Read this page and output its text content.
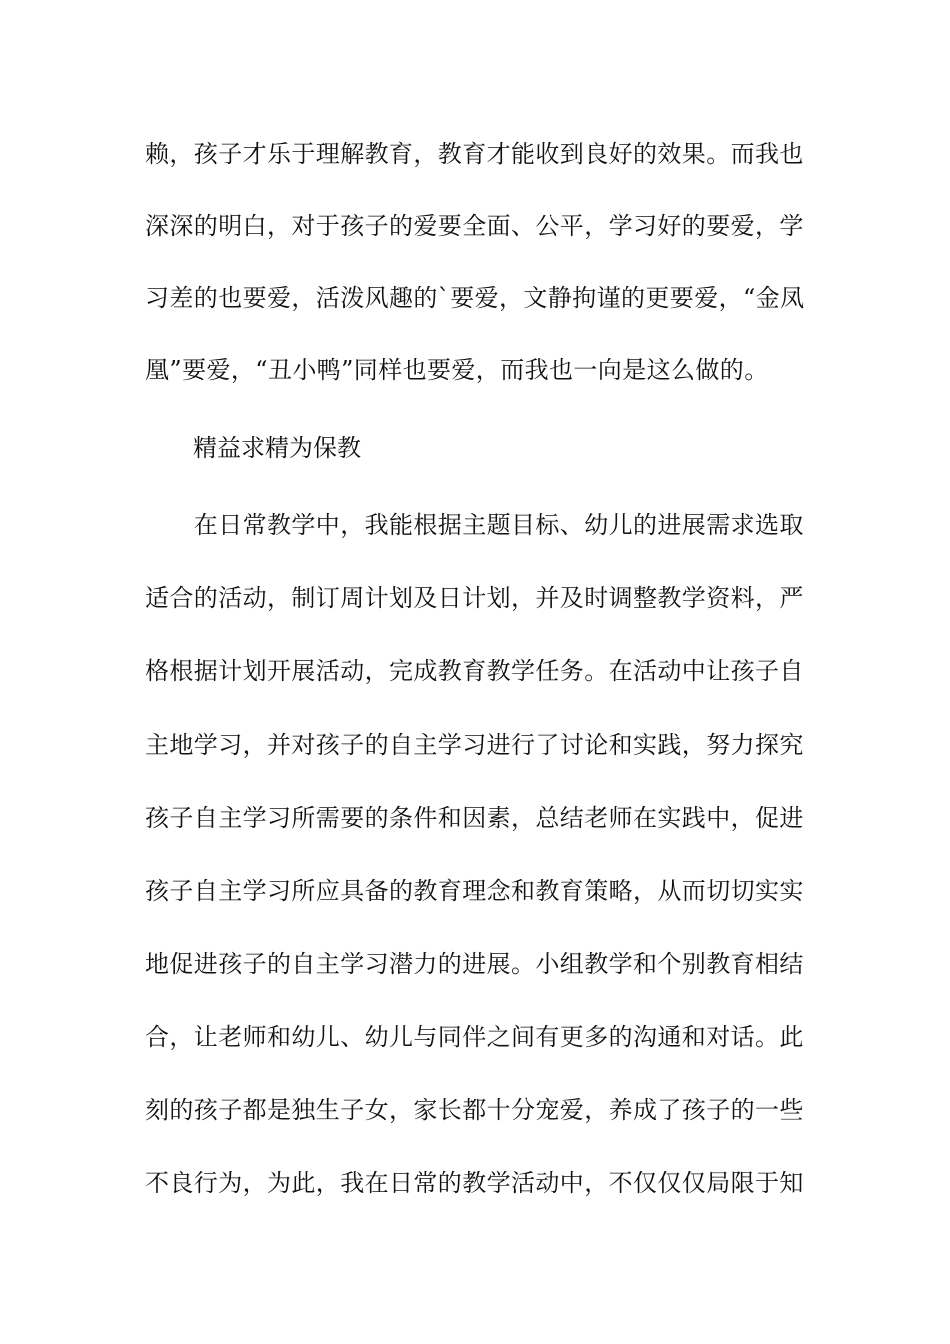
赖，孩子才乐于理解教育，教育才能收到良好的效果。而我也
深深的明白，对于孩子的爱要全面、公平，学习好的要爱，学
习差的也要爱，活泼风趣的`要爱，文静拘谨的更要爱，“金凤
凰”要爱，“丑小鸭”同样也要爱，而我也一向是这么做的。
精益求精为保教
　　在日常教学中，我能根据主题目标、幼儿的进展需求选取
适合的活动，制订周计划及日计划，并及时调整教学资料，严
格根据计划开展活动，完成教育教学任务。在活动中让孩子自
主地学习，并对孩子的自主学习进行了讨论和实践，努力探究
孩子自主学习所需要的条件和因素，总结老师在实践中，促进
孩子自主学习所应具备的教育理念和教育策略，从而切切实实
地促进孩子的自主学习潜力的进展。小组教学和个别教育相结
合，让老师和幼儿、幼儿与同伴之间有更多的沟通和对话。此
刻的孩子都是独生子女，家长都十分宠爱，养成了孩子的一些
不良行为，为此，我在日常的教学活动中，不仅仅仅局限于知
